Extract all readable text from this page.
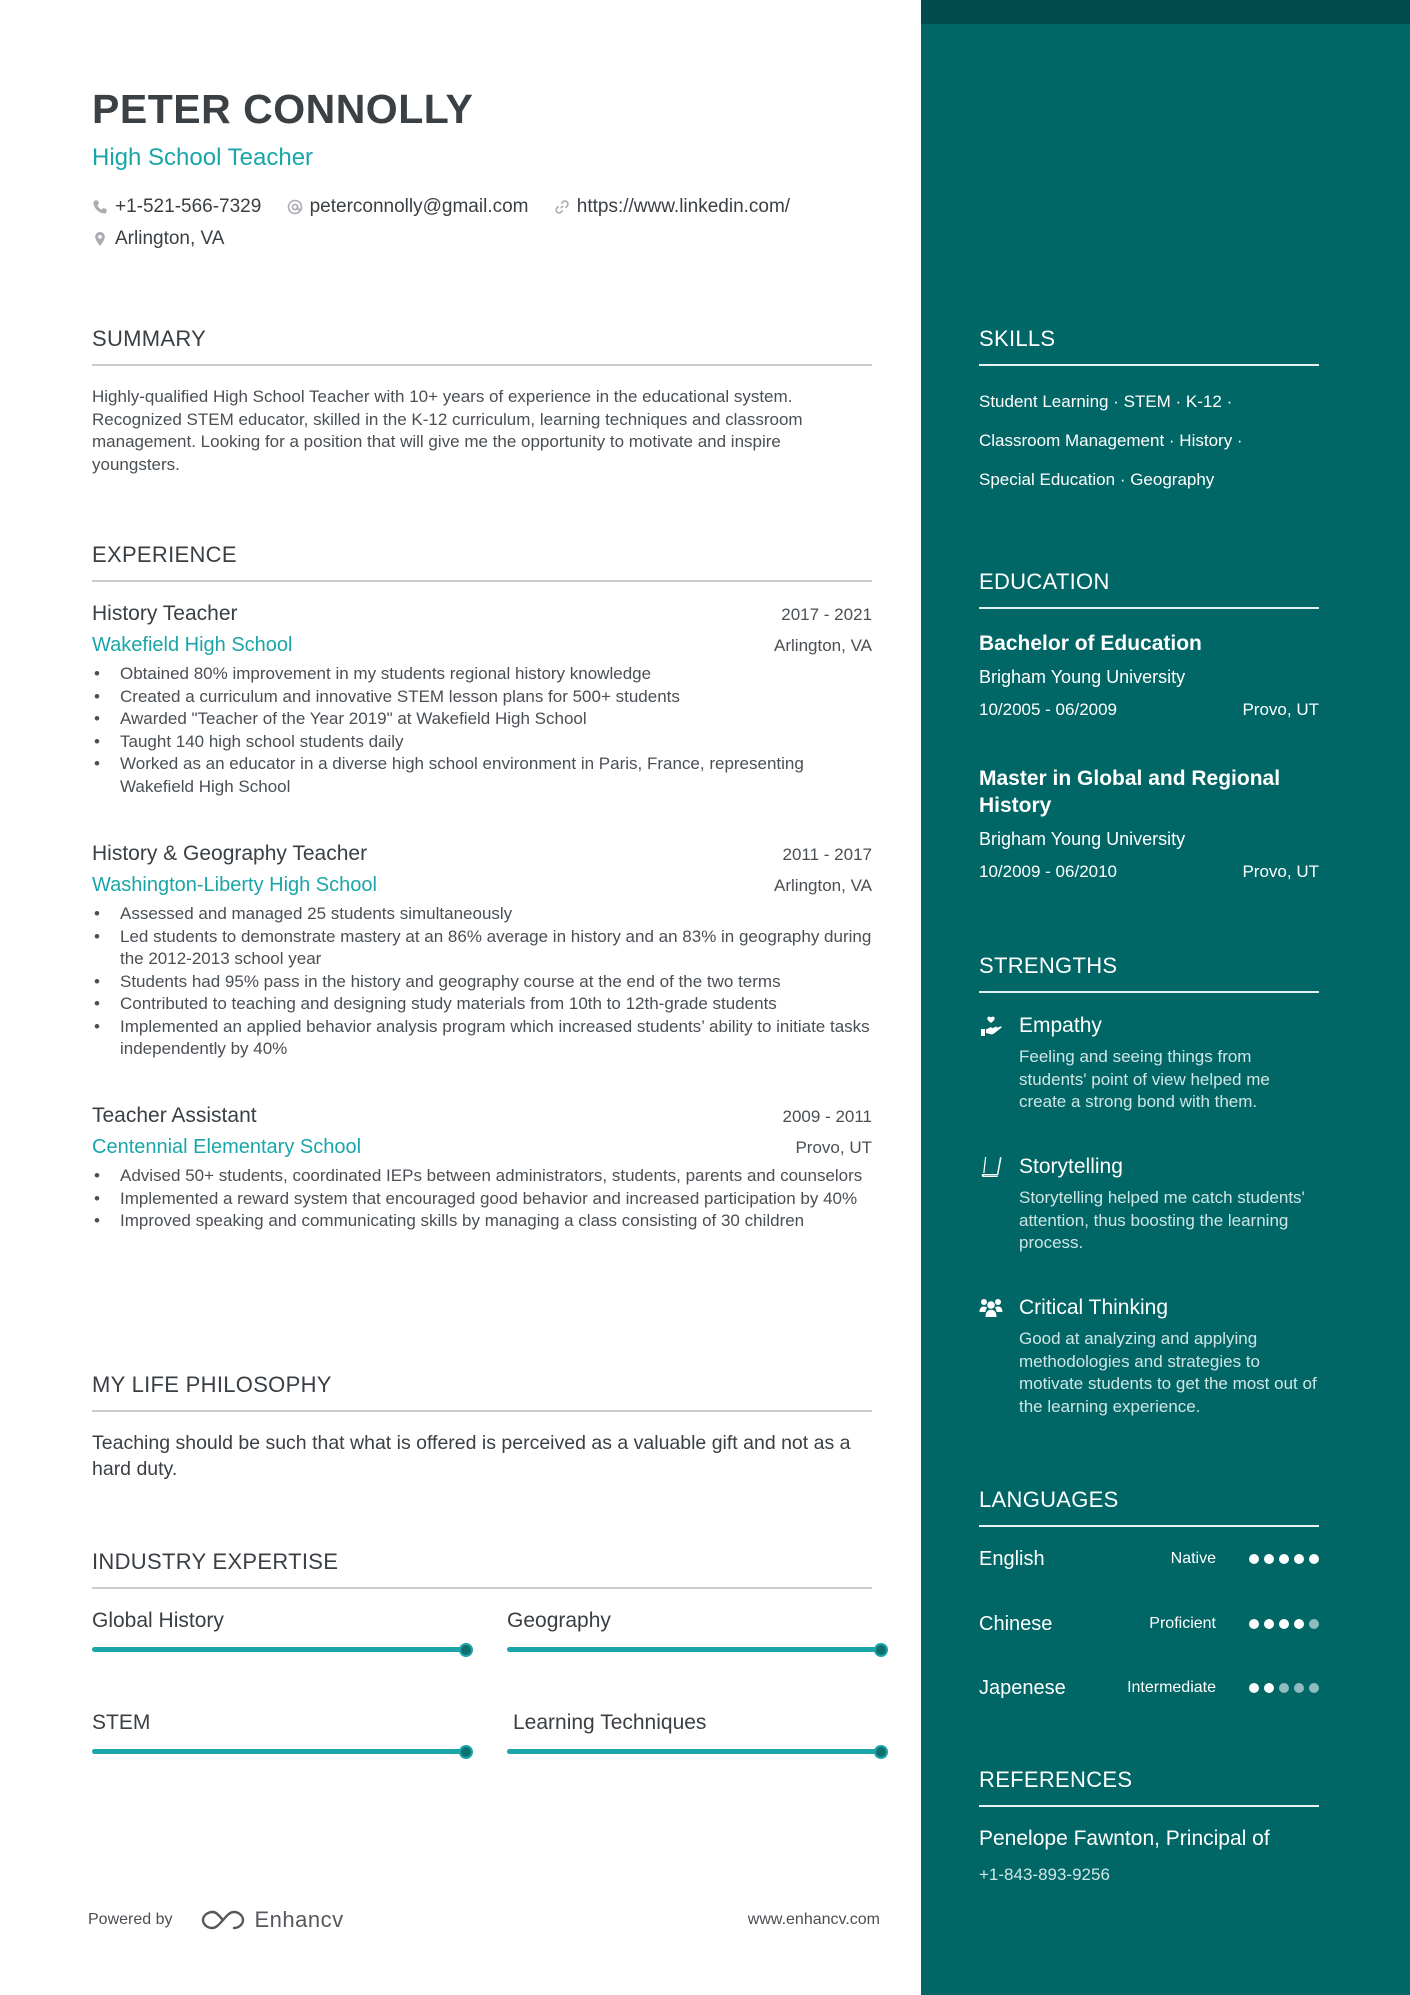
PETER CONNOLLY
High School Teacher
+1-521-566-7329
	peterconnolly@gmail.com
	https://www.linkedin.com/
Arlington, VA
SUMMARY
Highly-qualified High School Teacher with 10+ years of experience in the educational system. Recognized STEM educator, skilled in the K-12 curriculum, learning techniques and classroom management. Looking for a position that will give me the opportunity to motivate and inspire youngsters.
EXPERIENCE
History Teacher	2017 - 2021
Wakefield High School	Arlington, VA
• Obtained 80% improvement in my students regional history knowledge
• Created a curriculum and innovative STEM lesson plans for 500+ students
• Awarded "Teacher of the Year 2019" at Wakefield High School
• Taught 140 high school students daily
• Worked as an educator in a diverse high school environment in Paris, France, representing Wakefield High School
History & Geography Teacher	2011 - 2017
Washington-Liberty High School	Arlington, VA
• Assessed and managed 25 students simultaneously
• Led students to demonstrate mastery at an 86% average in history and an 83% in geography during the 2012-2013 school year
• Students had 95% pass in the history and geography course at the end of the two terms
• Contributed to teaching and designing study materials from 10th to 12th-grade students
• Implemented an applied behavior analysis program which increased students’ ability to initiate tasks independently by 40%
Teacher Assistant	2009 - 2011
Centennial Elementary School	Provo, UT
• Advised 50+ students, coordinated IEPs between administrators, students, parents and counselors
• Implemented a reward system that encouraged good behavior and increased participation by 40%
• Improved speaking and communicating skills by managing a class consisting of 30 children
MY LIFE PHILOSOPHY
Teaching should be such that what is offered is perceived as a valuable gift and not as a hard duty.
INDUSTRY EXPERTISE
Global History	Geography
STEM	Learning Techniques
Powered by	Enhancv	www.enhancv.com
SKILLS
Student Learning · STEM · K-12 ·
Classroom Management · History ·
Special Education · Geography
EDUCATION
Bachelor of Education
Brigham Young University
10/2005 - 06/2009	Provo, UT
Master in Global and Regional History
Brigham Young University
10/2009 - 06/2010	Provo, UT
STRENGTHS
Empathy
Feeling and seeing things from students' point of view helped me create a strong bond with them.
Storytelling
Storytelling helped me catch students' attention, thus boosting the learning process.
Critical Thinking
Good at analyzing and applying methodologies and strategies to motivate students to get the most out of the learning experience.
LANGUAGES
English	Native
Chinese	Proficient
Japenese	Intermediate
REFERENCES
Penelope Fawnton, Principal of
+1-843-893-9256
